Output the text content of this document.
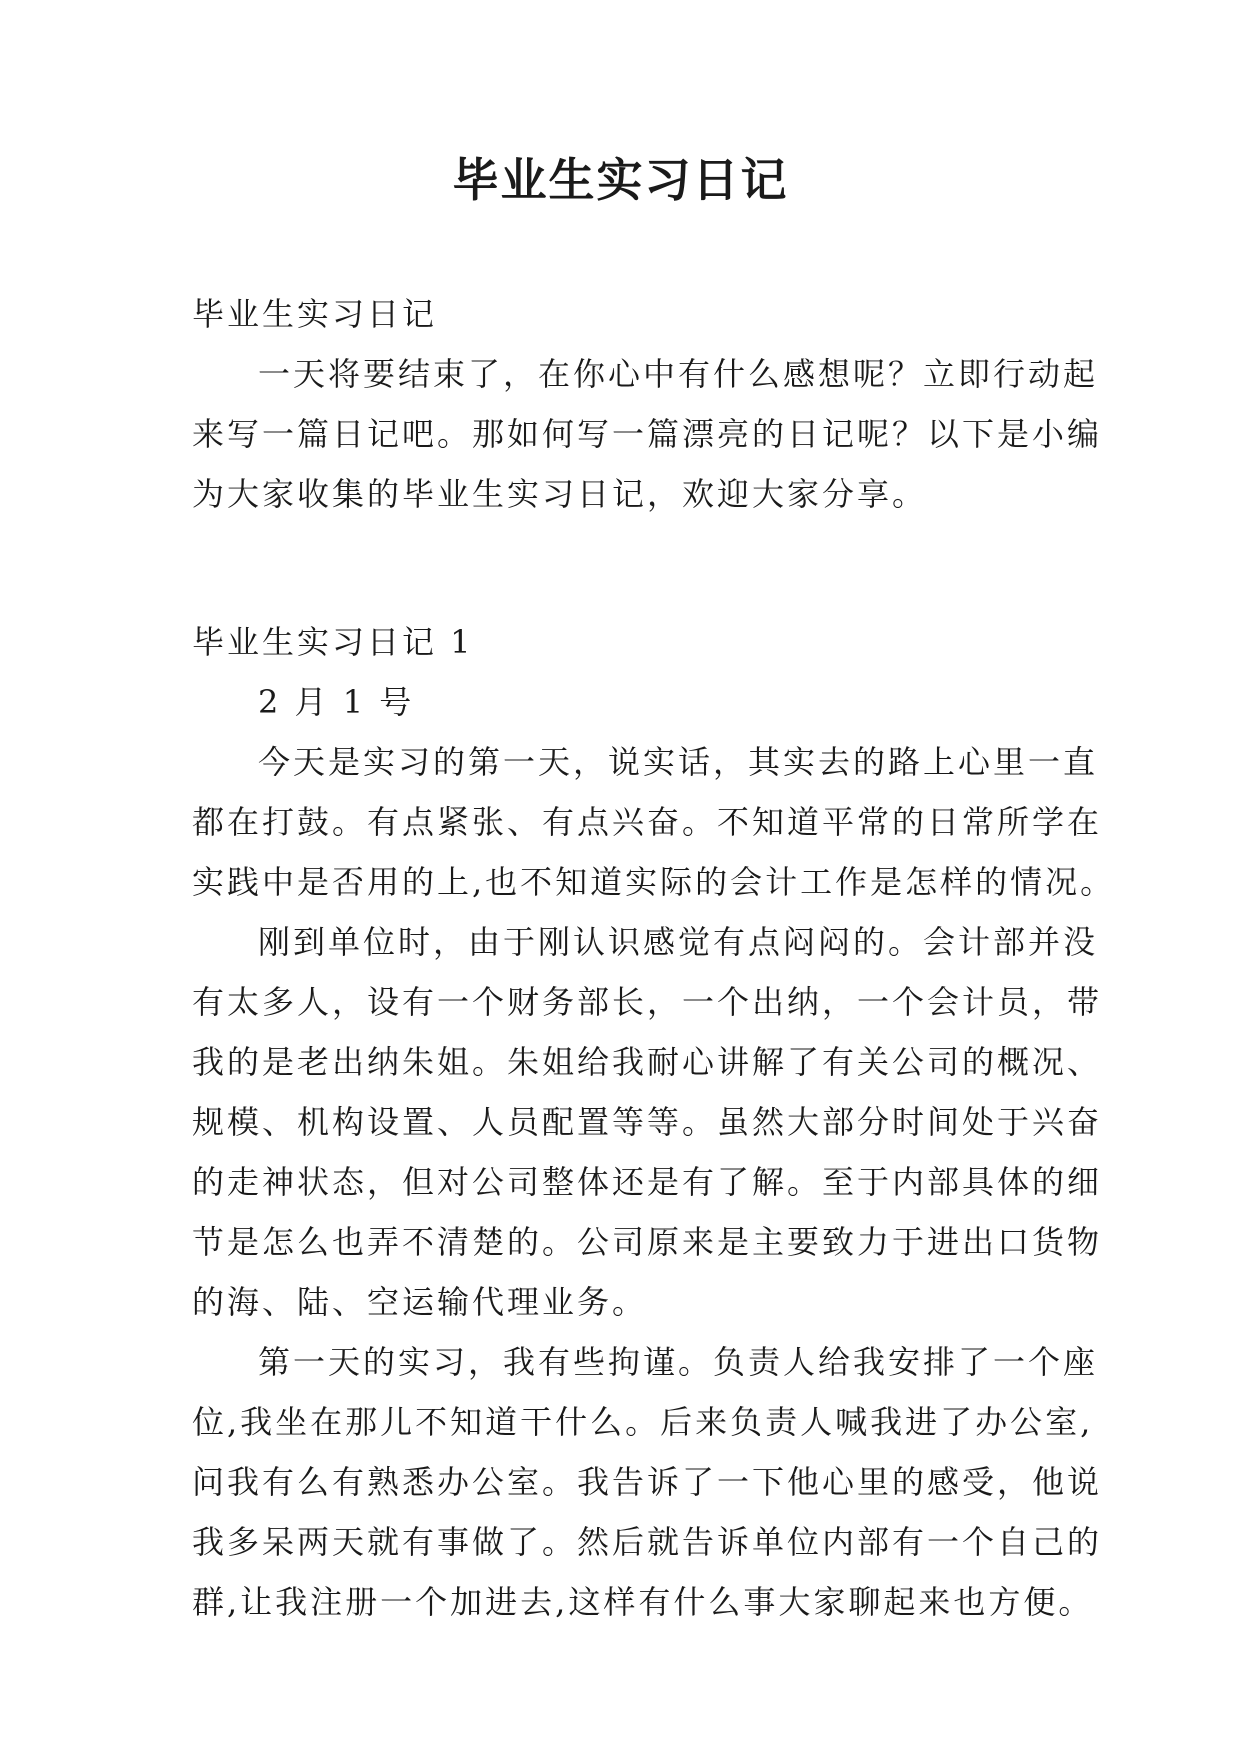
毕业生实习日记

毕业生实习日记

一天将要结束了，在你心中有什么感想呢？立即行动起

来写一篇日记吧。那如何写一篇漂亮的日记呢？以下是小编

为大家收集的毕业生实习日记，欢迎大家分享。

毕业生实习日记 1

2 月 1 号

今天是实习的第一天，说实话，其实去的路上心里一直

都在打鼓。有点紧张、有点兴奋。不知道平常的日常所学在

实践中是否用的上,也不知道实际的会计工作是怎样的情况。

刚到单位时，由于刚认识感觉有点闷闷的。会计部并没

有太多人，设有一个财务部长，一个出纳，一个会计员，带

我的是老出纳朱姐。朱姐给我耐心讲解了有关公司的概况、

规模、机构设置、人员配置等等。虽然大部分时间处于兴奋

的走神状态，但对公司整体还是有了解。至于内部具体的细

节是怎么也弄不清楚的。公司原来是主要致力于进出口货物

的海、陆、空运输代理业务。

第一天的实习，我有些拘谨。负责人给我安排了一个座

位,我坐在那儿不知道干什么。后来负责人喊我进了办公室,

问我有么有熟悉办公室。我告诉了一下他心里的感受，他说

我多呆两天就有事做了。然后就告诉单位内部有一个自己的

群,让我注册一个加进去,这样有什么事大家聊起来也方便。
